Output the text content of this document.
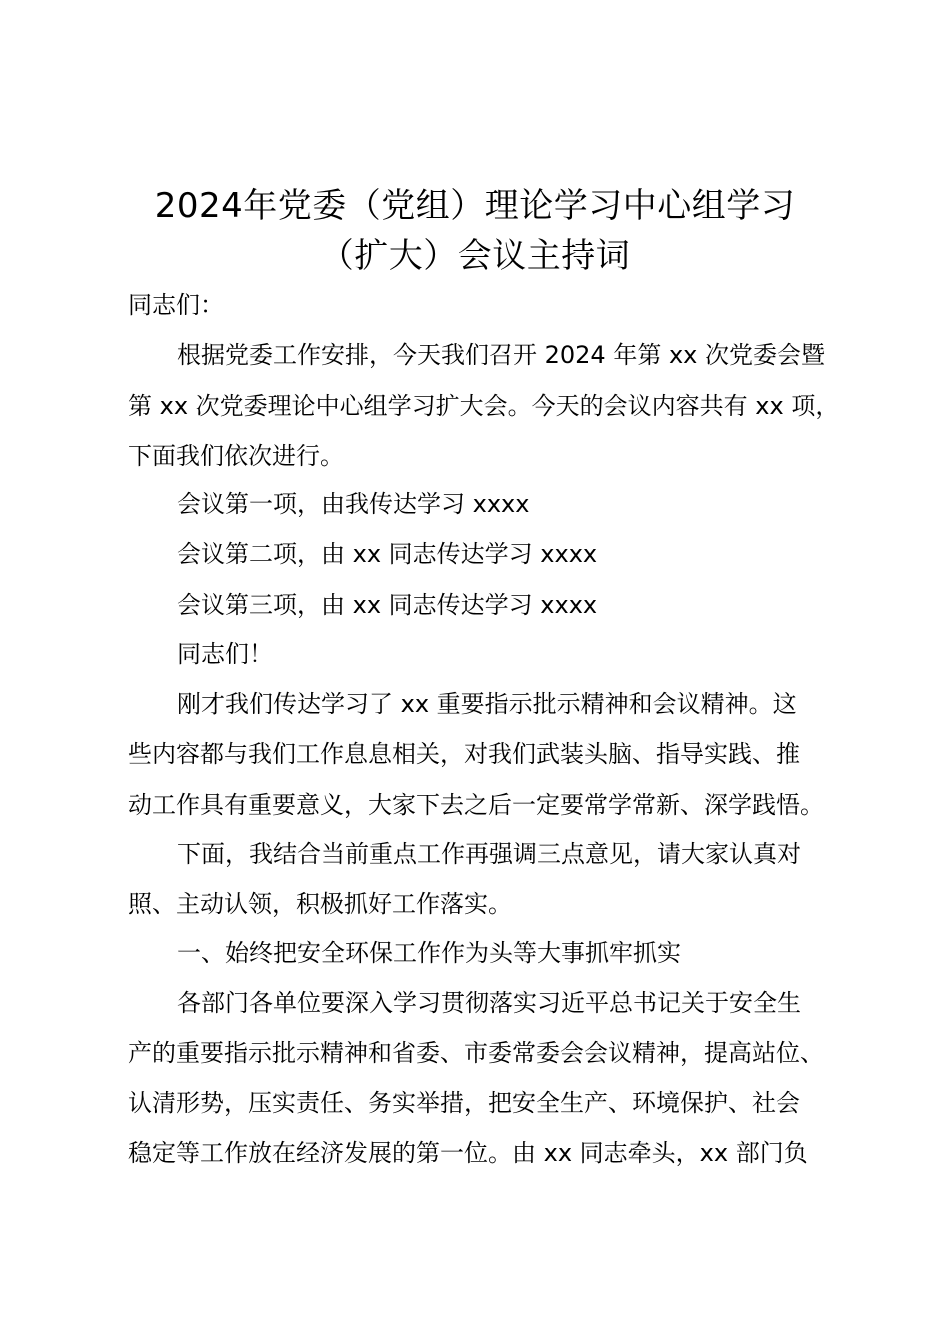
2024年党委（党组）理论学习中心组学习
（扩大）会议主持词
同志们：
根据党委工作安排，今天我们召开 2024 年第 xx 次党委会暨
第 xx 次党委理论中心组学习扩大会。今天的会议内容共有 xx 项，
下面我们依次进行。
会议第一项，由我传达学习 xxxx
会议第二项，由 xx 同志传达学习 xxxx
会议第三项，由 xx 同志传达学习 xxxx
同志们！
刚才我们传达学习了 xx 重要指示批示精神和会议精神。这
些内容都与我们工作息息相关，对我们武装头脑、指导实践、推
动工作具有重要意义，大家下去之后一定要常学常新、深学践悟。
下面，我结合当前重点工作再强调三点意见，请大家认真对
照、主动认领，积极抓好工作落实。
一、始终把安全环保工作作为头等大事抓牢抓实
各部门各单位要深入学习贯彻落实习近平总书记关于安全生
产的重要指示批示精神和省委、市委常委会会议精神，提高站位、
认清形势，压实责任、务实举措，把安全生产、环境保护、社会
稳定等工作放在经济发展的第一位。由 xx 同志牵头，xx 部门负
